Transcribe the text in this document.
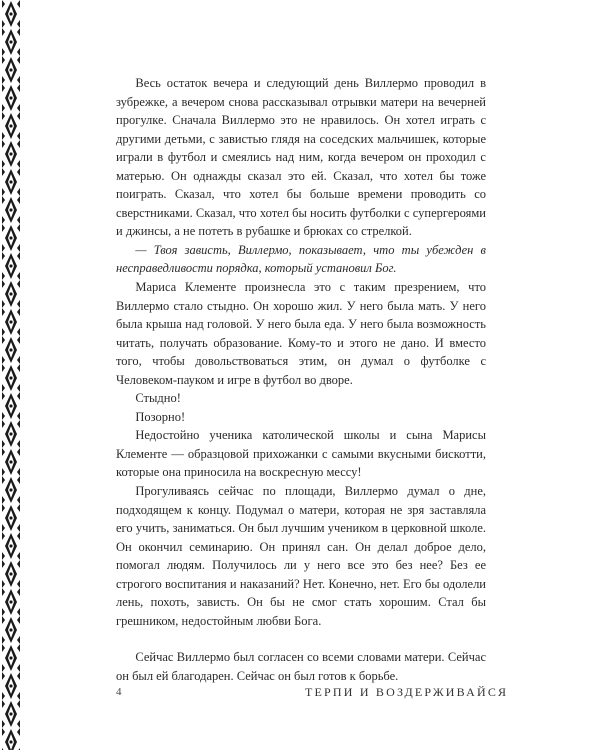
Весь остаток вечера и следующий день Виллермо проводил в зубрежке, а вечером снова рассказывал отрывки матери на вечерней прогулке. Сначала Виллермо это не нравилось. Он хотел играть с другими детьми, с завистью глядя на соседских мальчишек, которые играли в футбол и смеялись над ним, когда вечером он проходил с матерью. Он однажды сказал это ей. Сказал, что хотел бы тоже поиграть. Сказал, что хотел бы больше времени проводить со сверстниками. Сказал, что хотел бы носить футболки с супергероями и джинсы, а не потеть в рубашке и брюках со стрелкой.

— Твоя зависть, Виллермо, показывает, что ты убежден в несправедливости порядка, который установил Бог.

Мариса Клементе произнесла это с таким презрением, что Виллермо стало стыдно. Он хорошо жил. У него была мать. У него была крыша над головой. У него была еда. У него была возможность читать, получать образование. Кому-то и этого не дано. И вместо того, чтобы довольствоваться этим, он думал о футболке с Человеком-пауком и игре в футбол во дворе.

Стыдно!

Позорно!

Недостойно ученика католической школы и сына Марисы Клементе — образцовой прихожанки с самыми вкусными бискотти, которые она приносила на воскресную мессу!

Прогуливаясь сейчас по площади, Виллермо думал о дне, подходящем к концу. Подумал о матери, которая не зря заставляла его учить, заниматься. Он был лучшим учеником в церковной школе. Он окончил семинарию. Он принял сан. Он делал доброе дело, помогал людям. Получилось ли у него все это без нее? Без ее строгого воспитания и наказаний? Нет. Конечно, нет. Его бы одолели лень, похоть, зависть. Он бы не смог стать хорошим. Стал бы грешником, недостойным любви Бога.

Сейчас Виллермо был согласен со всеми словами матери. Сейчас он был ей благодарен. Сейчас он был готов к борьбе.

4	ТЕРПИ И ВОЗДЕРЖИВАЙСЯ
